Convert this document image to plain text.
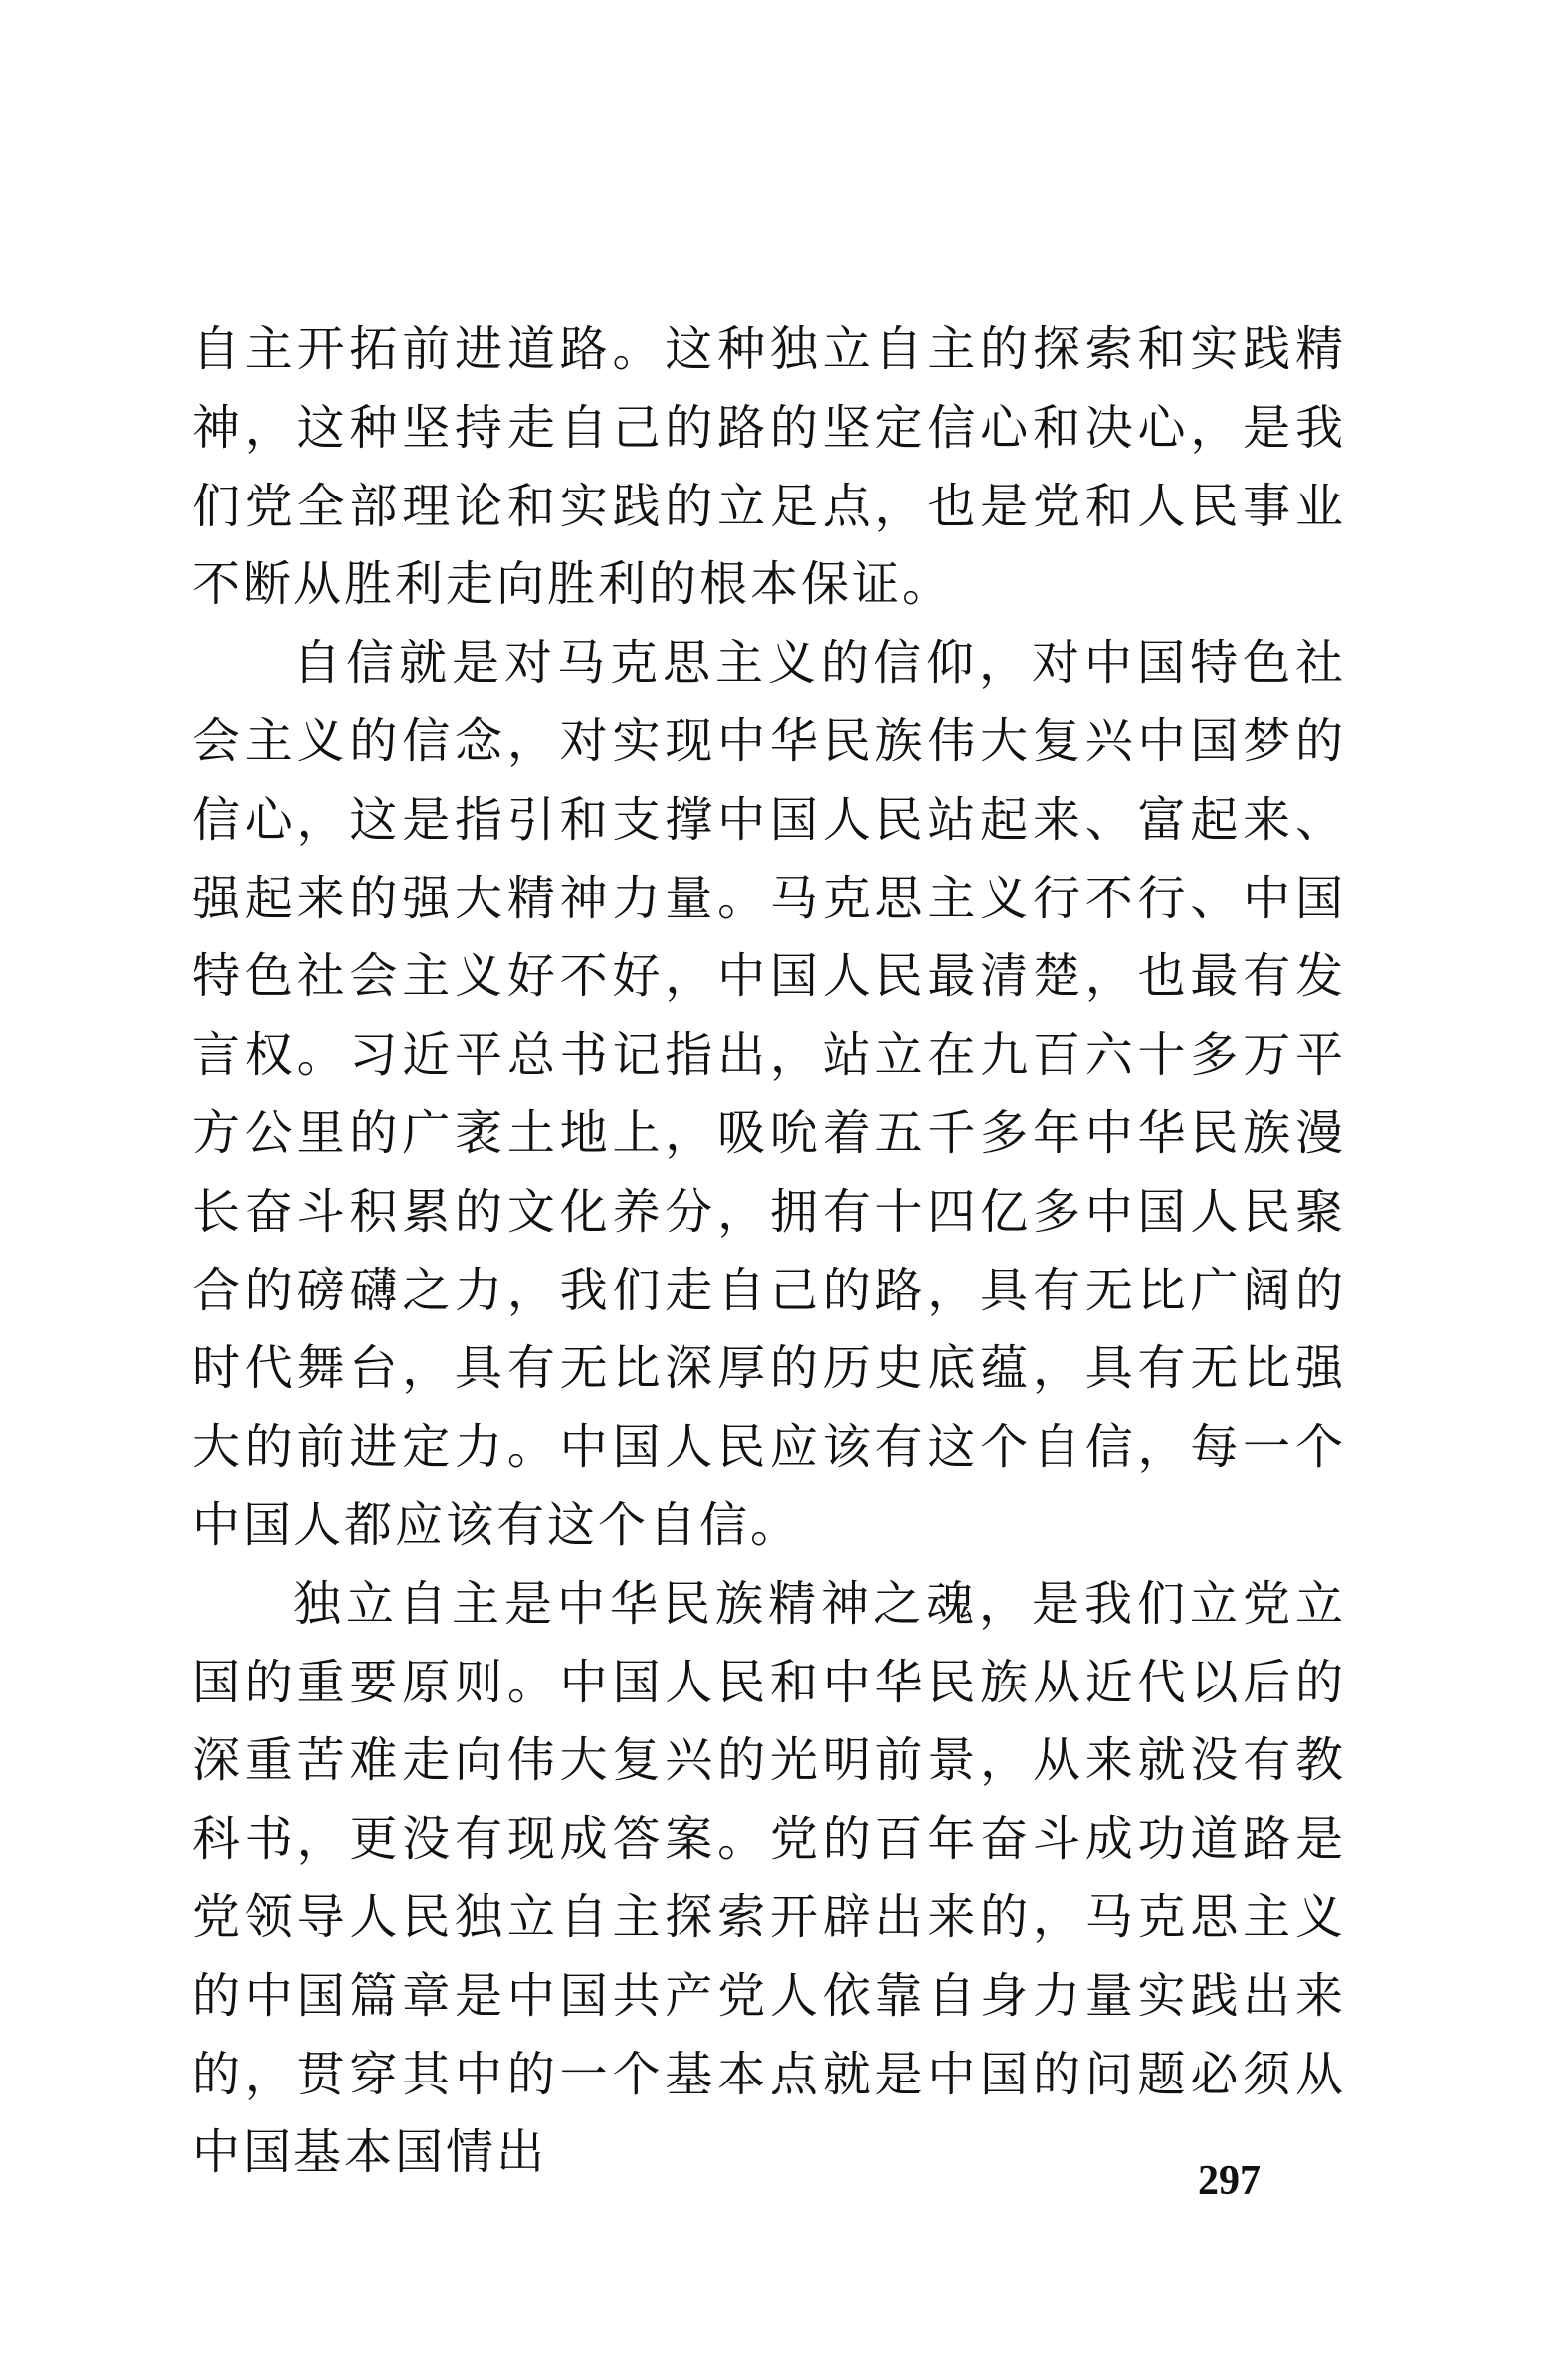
自主开拓前进道路。这种独立自主的探索和实践精神，这种坚持走自己的路的坚定信心和决心，是我们党全部理论和实践的立足点，也是党和人民事业不断从胜利走向胜利的根本保证。

自信就是对马克思主义的信仰，对中国特色社会主义的信念，对实现中华民族伟大复兴中国梦的信心，这是指引和支撑中国人民站起来、富起来、强起来的强大精神力量。马克思主义行不行、中国特色社会主义好不好，中国人民最清楚，也最有发言权。习近平总书记指出，站立在九百六十多万平方公里的广袤土地上，吸吮着五千多年中华民族漫长奋斗积累的文化养分，拥有十四亿多中国人民聚合的磅礴之力，我们走自己的路，具有无比广阔的时代舞台，具有无比深厚的历史底蕴，具有无比强大的前进定力。中国人民应该有这个自信，每一个中国人都应该有这个自信。

独立自主是中华民族精神之魂，是我们立党立国的重要原则。中国人民和中华民族从近代以后的深重苦难走向伟大复兴的光明前景，从来就没有教科书，更没有现成答案。党的百年奋斗成功道路是党领导人民独立自主探索开辟出来的，马克思主义的中国篇章是中国共产党人依靠自身力量实践出来的，贯穿其中的一个基本点就是中国的问题必须从中国基本国情出

297
